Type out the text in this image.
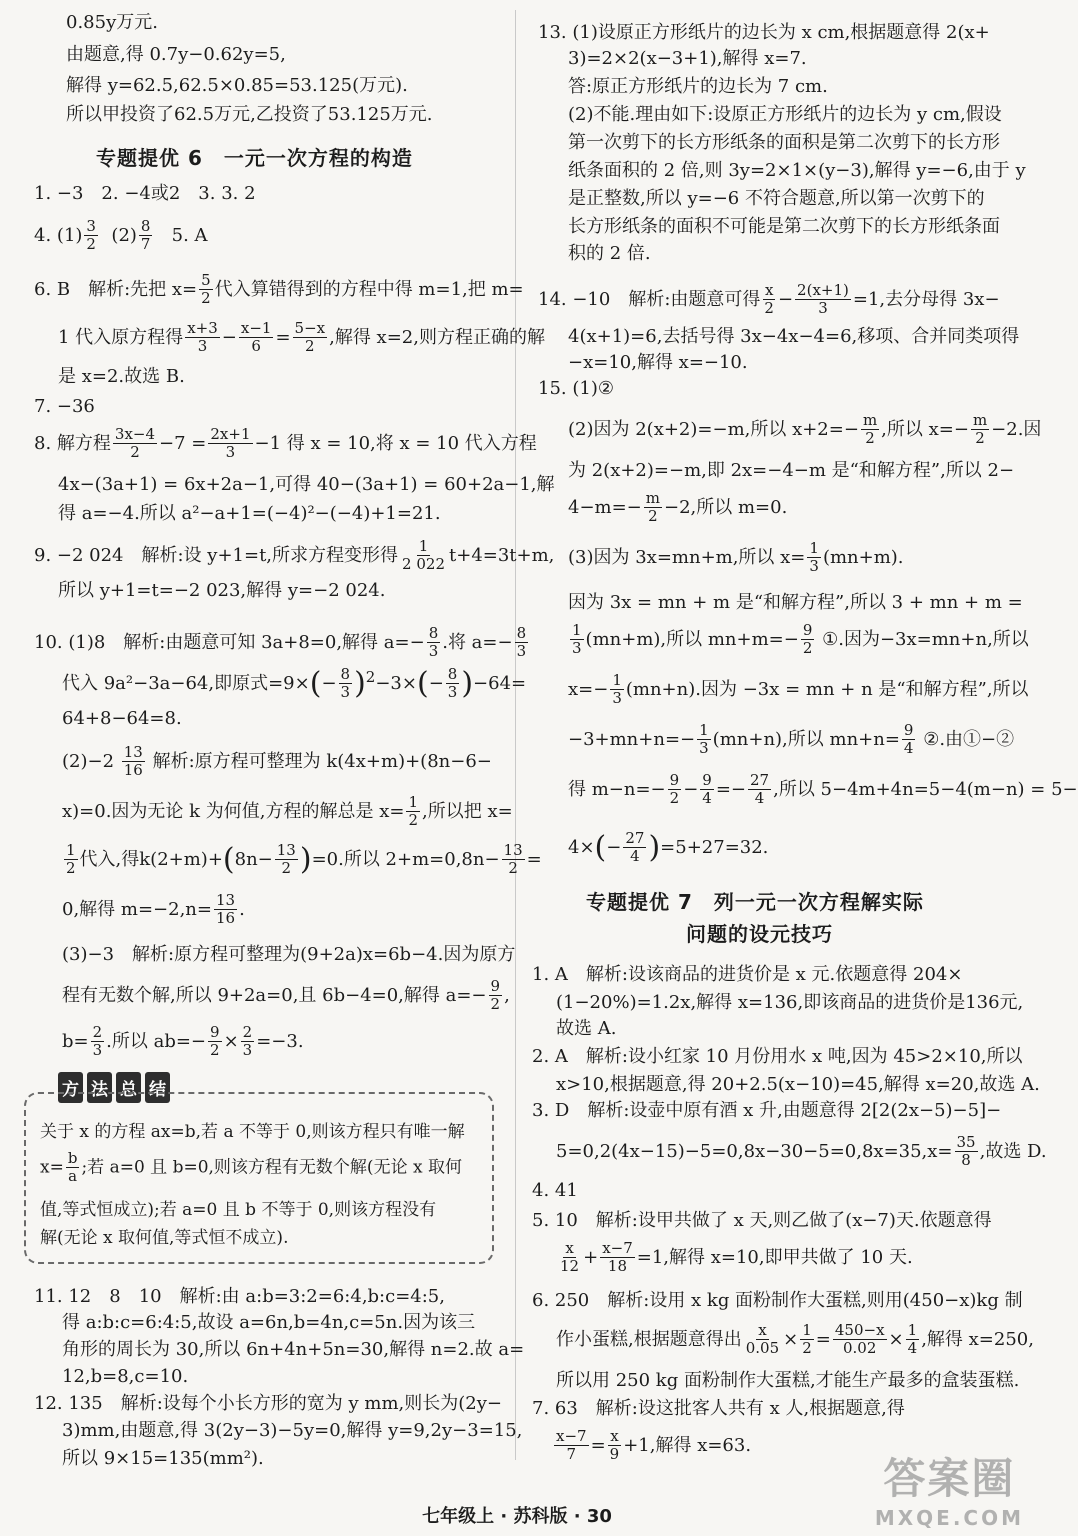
0.85y万元.
由题意,得 0.7y−0.62y=5,
解得 y=62.5,62.5×0.85=53.125(万元).
所以甲投资了62.5万元,乙投资了53.125万元.
专题提优 6　一元一次方程的构造
1. −3　2. −4或2　3. 3. 2
4. $(1) \frac{3}{2} (2) \frac{8}{7} 5$. A
6. B　解析:先把 $x= \frac{5}{2}$ 代入算错得到的方程中得 m=1,把 m=
1 代入原方程得 $\frac{x+3}{3} - \frac{x-1}{6} = \frac{5-x}{2}$ ,解得 x=2,则方程正确的解
是 x=2.故选 B.
7. −36
8. 解方程 $\frac{3x-4}{2} -7 = \frac{2x+1}{3} -1$ 得 x = 10,将 x = 10 代入方程
4x−(3a+1) = 6x+2a−1,可得 40−(3a+1) = 60+2a−1,解
得 a=−4.所以 a²−a+1=(−4)²−(−4)+1=21.
9. −2 024　解析:设 y+1=t,所求方程变形得 $\frac{1}{2 022} t+4=3t+m$,
所以 y+1=t=−2 023,解得 y=−2 024.
10. (1)8　解析:由题意可知 3a+8=0,解得 $a=- \frac{8}{3}$ .将 $a=- \frac{8}{3}$
代入 9a²−3a−64,即原式$=9\times(- \frac{8}{3} )^2-3\times(- \frac{8}{3} )-64=$
64+8−64=8.
$(2)-2 \frac{13}{16}$ 解析:原方程可整理为 k(4x+m)+(8n−6−
x)=0.因为无论 k 为何值,方程的解总是 $x= \frac{1}{2}$ ,所以把 x=
$\frac{1}{2}$ 代入,得$k(2+m)+(8n- \frac{13}{2} )=0$.所以 $2+m=0,8n- \frac{13}{2}$ =
0,解得 $m=-2,n= \frac{13}{16}$ .
(3)−3　解析:原方程可整理为(9+2a)x=6b−4.因为原方
程有无数个解,所以 9+2a=0,且 6b−4=0,解得 $a=- \frac{9}{2}$ ,
$b= \frac{2}{3}$ .所以 $ab=- \frac{9}{2} \times \frac{2}{3} =-3$.
方 法 总 结
关于 x 的方程 ax=b,若 a 不等于 0,则该方程只有唯一解
$x= \frac{b}{a}$ ;若 a=0 且 b=0,则该方程有无数个解(无论 x 取何
值,等式恒成立);若 a=0 且 b 不等于 0,则该方程没有
解(无论 x 取何值,等式恒不成立).
11. 12　8　10　解析:由 a:b=3:2=6:4,b:c=4:5,
得 a:b:c=6:4:5,故设 a=6n,b=4n,c=5n.因为该三
角形的周长为 30,所以 6n+4n+5n=30,解得 n=2.故 a=
12,b=8,c=10.
12. 135　解析:设每个小长方形的宽为 y mm,则长为(2y−
3)mm,由题意,得 3(2y−3)−5y=0,解得 y=9,2y−3=15,
所以 9×15=135(mm²).
13. (1)设原正方形纸片的边长为 x cm,根据题意得 2(x+
3)=2×2(x−3+1),解得 x=7.
答:原正方形纸片的边长为 7 cm.
(2)不能.理由如下:设原正方形纸片的边长为 y cm,假设
第一次剪下的长方形纸条的面积是第二次剪下的长方形
纸条面积的 2 倍,则 3y=2×1×(y−3),解得 y=−6,由于 y
是正整数,所以 y=−6 不符合题意,所以第一次剪下的
长方形纸条的面积不可能是第二次剪下的长方形纸条面
积的 2 倍.
14. −10　解析:由题意可得 $\frac{x}{2} - \frac{2(x+1)}{3} =1$,去分母得 3x−
4(x+1)=6,去括号得 3x−4x−4=6,移项、合并同类项得
−x=10,解得 x=−10.
15. (1)②
(2)因为 2(x+2)=−m,所以 $x+2=- \frac{m}{2}$ ,所以 $x=- \frac{m}{2} -2$.因
为 2(x+2)=−m,即 2x=−4−m 是“和解方程”,所以 2−
$4-m=- \frac{m}{2} -2$,所以 m=0.
(3)因为 3x=mn+m,所以 $x= \frac{1}{3} (mn+m)$.
因为 3x = mn + m 是“和解方程”,所以 3 + mn + m =
$\frac{1}{3} (mn+m)$,所以 $mn+m=- \frac{9}{2}$ ①.因为−3x=mn+n,所以
$x=- \frac{1}{3} (mn+n)$.因为 −3x = mn + n 是“和解方程”,所以
$-3+mn+n=- \frac{1}{3} (mn+n)$,所以 $mn+n= \frac{9}{4}$ ②.由①−②
得 $m-n=- \frac{9}{2} - \frac{9}{4} =- \frac{27}{4}$ ,所以 5−4m+4n=5−4(m−n) = 5−
$4\times(- \frac{27}{4} )=5+27=32$.
专题提优 7　列一元一次方程解实际
问题的设元技巧
1. A　解析:设该商品的进货价是 x 元.依题意得 204×
(1−20%)=1.2x,解得 x=136,即该商品的进货价是136元,
故选 A.
2. A　解析:设小红家 10 月份用水 x 吨,因为 45>2×10,所以
x>10,根据题意,得 20+2.5(x−10)=45,解得 x=20,故选 A.
3. D　解析:设壶中原有酒 x 升,由题意得 2[2(2x−5)−5]−
$5=0,2(4x-15)-5=0,8x-30-5=0,8x=35,x= \frac{35}{8}$ ,故选 D.
4. 41
5. 10　解析:设甲共做了 x 天,则乙做了(x−7)天.依题意得
$\frac{x}{12} + \frac{x-7}{18} =1$,解得 x=10,即甲共做了 10 天.
6. 250　解析:设用 x kg 面粉制作大蛋糕,则用(450−x)kg 制
作小蛋糕,根据题意得出 $\frac{x}{0.05} \times \frac{1}{2} = \frac{450-x}{0.02} \times \frac{1}{4}$ ,解得 x=250,
所以用 250 kg 面粉制作大蛋糕,才能生产最多的盒装蛋糕.
7. 63　解析:设这批客人共有 x 人,根据题意,得
$\frac{x-7}{7} = \frac{x}{9} +1$,解得 x=63.
七年级上 · 苏科版 · 30
答案圈
MXQE.COM
